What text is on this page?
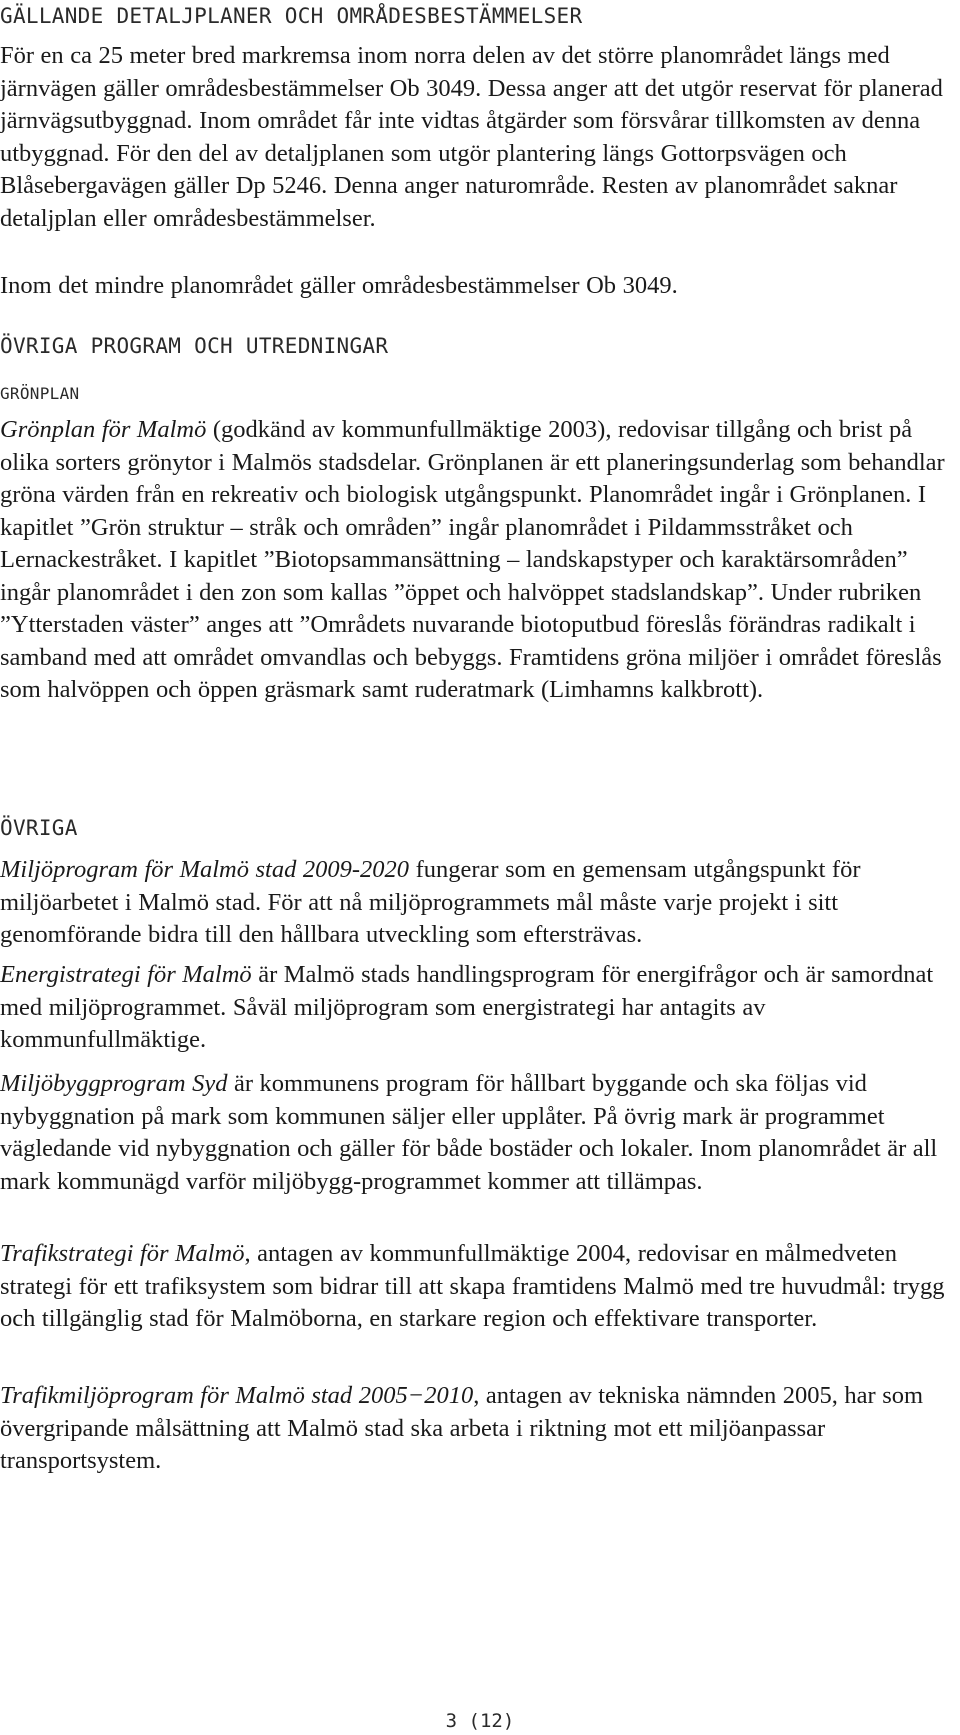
GÄLLANDE DETALJPLANER OCH OMRÅDESBESTÄMMELSER

För en ca 25 meter bred markremsa inom norra delen av det större planområdet längs med järnvägen gäller områdesbestämmelser Ob 3049. Dessa anger att det utgör reservat för planerad järnvägsutbyggnad. Inom området får inte vidtas åtgärder som försvårar tillkomsten av denna utbyggnad. För den del av detaljplanen som utgör plantering längs Gottorpsvägen och Blåsebergavägen gäller Dp 5246. Denna anger naturområde. Resten av planområdet saknar detaljplan eller områdesbestämmelser.

Inom det mindre planområdet gäller områdesbestämmelser Ob 3049.

ÖVRIGA PROGRAM OCH UTREDNINGAR
GRÖNPLAN

Grönplan för Malmö (godkänd av kommunfullmäktige 2003), redovisar tillgång och brist på olika sorters grönytor i Malmös stadsdelar. Grönplanen är ett planeringsunderlag som behandlar gröna värden från en rekreativ och biologisk utgångspunkt. Planområdet ingår i Grönplanen. I kapitlet ”Grön struktur – stråk och områden” ingår planområdet i Pildammsstråket och Lernackestråket. I kapitlet ”Biotopsammansättning – landskapstyper och karaktärsområden” ingår planområdet i den zon som kallas ”öppet och halvöppet stadslandskap”. Under rubriken ”Ytterstaden väster” anges att ”Områdets nuvarande biotoputbud föreslås förändras radikalt i samband med att området omvandlas och bebyggs. Framtidens gröna miljöer i området föreslås som halvöppen och öppen gräsmark samt ruderatmark (Limhamns kalkbrott).

ÖVRIGA

Miljöprogram för Malmö stad 2009-2020 fungerar som en gemensam utgångspunkt för miljöarbetet i Malmö stad. För att nå miljöprogrammets mål måste varje projekt i sitt genomförande bidra till den hållbara utveckling som eftersträvas.

Energistrategi för Malmö är Malmö stads handlingsprogram för energifrågor och är samordnat med miljöprogrammet. Såväl miljöprogram som energistrategi har antagits av kommunfullmäktige.

Miljöbyggprogram Syd är kommunens program för hållbart byggande och ska följas vid nybyggnation på mark som kommunen säljer eller upplåter. På övrig mark är programmet vägledande vid nybyggnation och gäller för både bostäder och lokaler. Inom planområdet är all mark kommunägd varför miljöbygg-programmet kommer att tillämpas.

Trafikstrategi för Malmö, antagen av kommunfullmäktige 2004, redovisar en målmedveten strategi för ett trafiksystem som bidrar till att skapa framtidens Malmö med tre huvudmål: trygg och tillgänglig stad för Malmöborna, en starkare region och effektivare transporter.

Trafikmiljöprogram för Malmö stad 2005−2010, antagen av tekniska nämnden 2005, har som övergripande målsättning att Malmö stad ska arbeta i riktning mot ett miljöanpassar transportsystem.

3 (12)
